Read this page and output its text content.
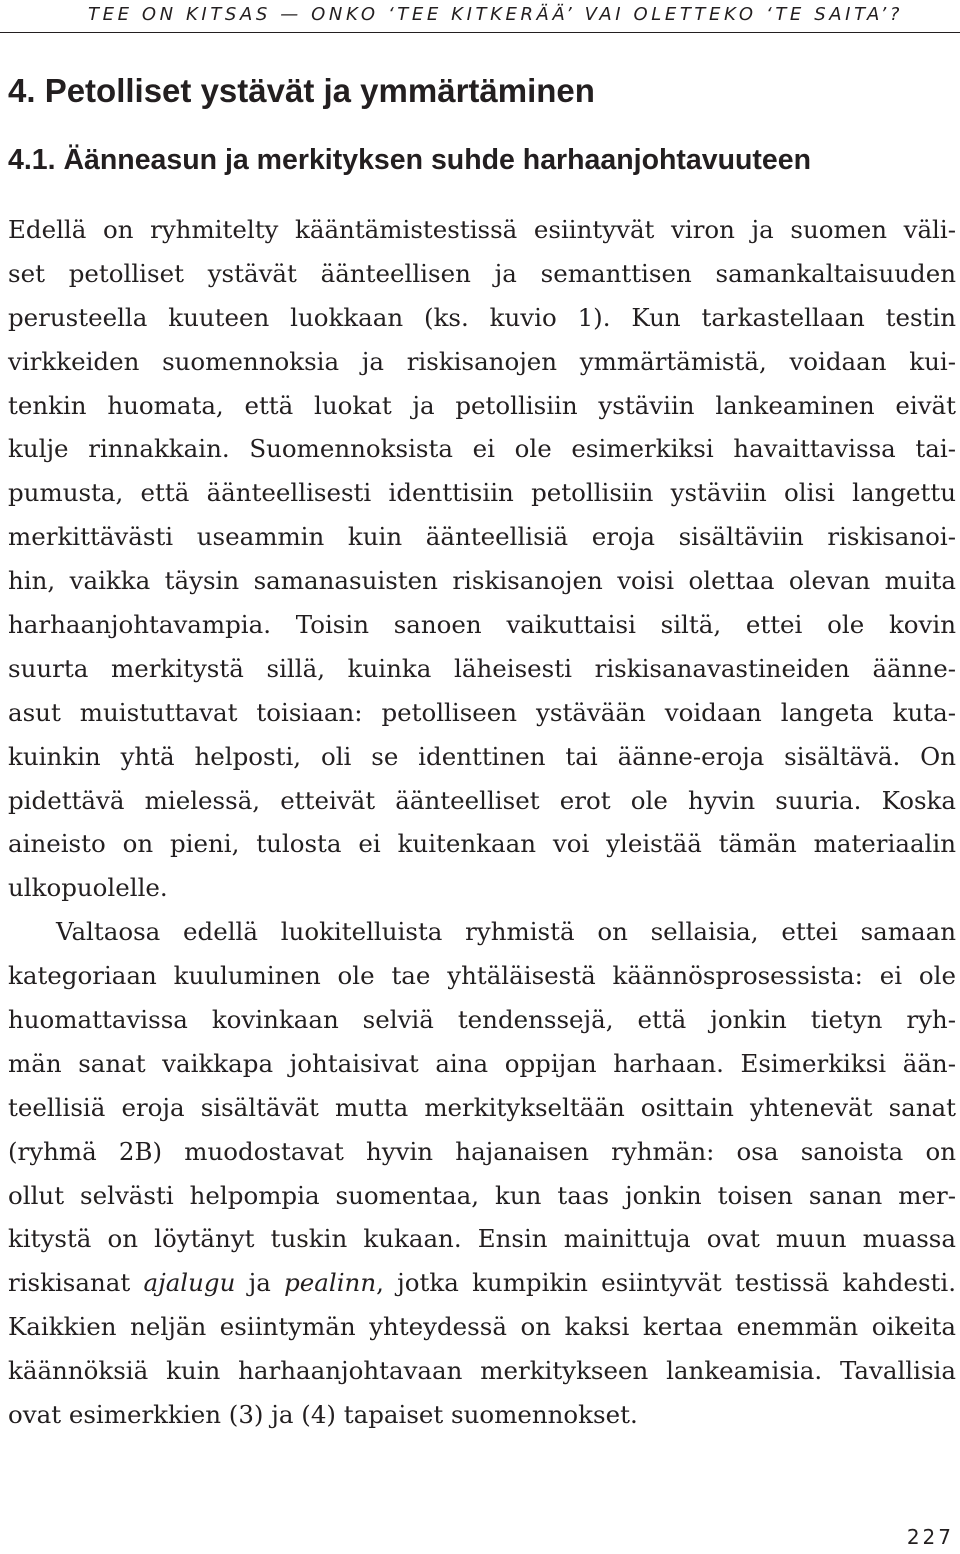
TEE ON KITSAS — ONKO ‘TEE KITKERÄÄ’ VAI OLETTEKO ‘TE SAITA’?
4. Petolliset ystävät ja ymmärtäminen
4.1. Äänneasun ja merkityksen suhde harhaanjohtavuuteen
Edellä on ryhmitelty kääntämistestissä esiintyvät viron ja suomen väli-
set petolliset ystävät äänteellisen ja semanttisen samankaltaisuuden
perusteella kuuteen luokkaan (ks. kuvio 1). Kun tarkastellaan testin
virkkeiden suomennoksia ja riskisanojen ymmärtämistä, voidaan kui-
tenkin huomata, että luokat ja petollisiin ystäviin lankeaminen eivät
kulje rinnakkain. Suomennoksista ei ole esimerkiksi havaittavissa tai-
pumusta, että äänteellisesti identtisiin petollisiin ystäviin olisi langettu
merkittävästi useammin kuin äänteellisiä eroja sisältäviin riskisanoi-
hin, vaikka täysin samanasuisten riskisanojen voisi olettaa olevan muita
harhaanjohtavampia. Toisin sanoen vaikuttaisi siltä, ettei ole kovin
suurta merkitystä sillä, kuinka läheisesti riskisanavastineiden äänne-
asut muistuttavat toisiaan: petolliseen ystävään voidaan langeta kuta-
kuinkin yhtä helposti, oli se identtinen tai äänne-eroja sisältävä. On
pidettävä mielessä, etteivät äänteelliset erot ole hyvin suuria. Koska
aineisto on pieni, tulosta ei kuitenkaan voi yleistää tämän materiaalin
ulkopuolelle.
Valtaosa edellä luokitelluista ryhmistä on sellaisia, ettei samaan
kategoriaan kuuluminen ole tae yhtäläisestä käännösprosessista: ei ole
huomattavissa kovinkaan selviä tendenssejä, että jonkin tietyn ryh-
män sanat vaikkapa johtaisivat aina oppijan harhaan. Esimerkiksi ään-
teellisiä eroja sisältävät mutta merkitykseltään osittain yhtenevät sanat
(ryhmä 2B) muodostavat hyvin hajanaisen ryhmän: osa sanoista on
ollut selvästi helpompia suomentaa, kun taas jonkin toisen sanan mer-
kitystä on löytänyt tuskin kukaan. Ensin mainittuja ovat muun muassa
riskisanat ajalugu ja pealinn, jotka kumpikin esiintyvät testissä kahdesti.
Kaikkien neljän esiintymän yhteydessä on kaksi kertaa enemmän oikeita
käännöksiä kuin harhaanjohtavaan merkitykseen lankeamisia. Tavallisia
ovat esimerkkien (3) ja (4) tapaiset suomennokset.
227
